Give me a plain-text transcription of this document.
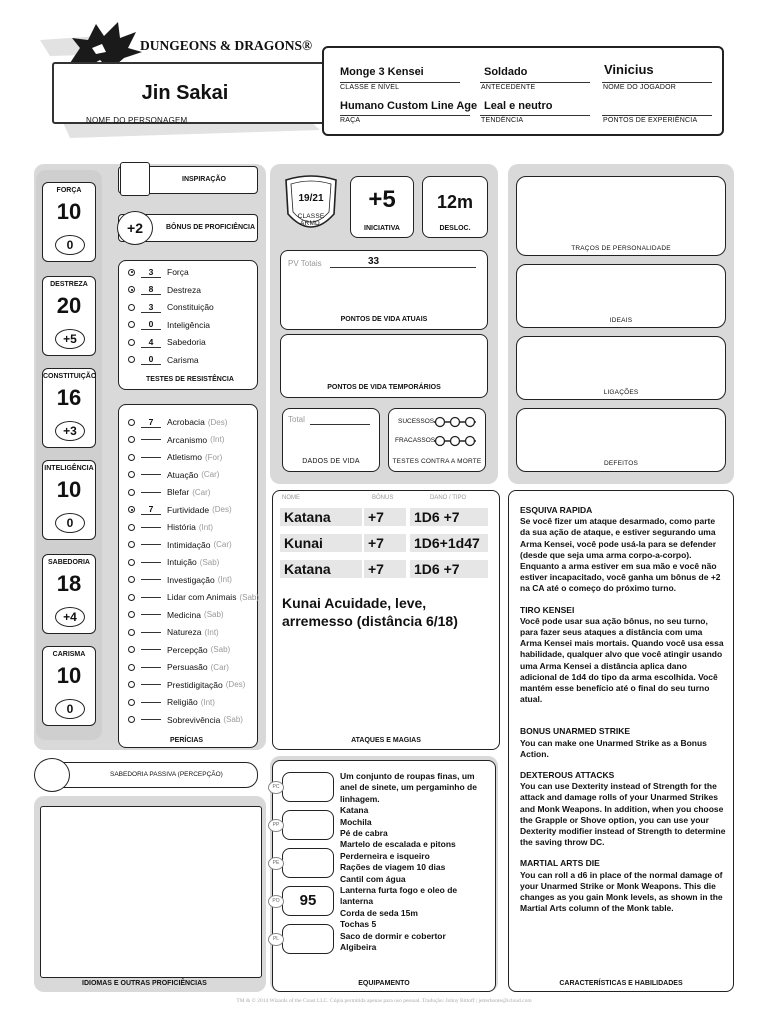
DUNGEONS & DRAGONS®
Jin Sakai
NOME DO PERSONAGEM
Monge 3 Kensei
CLASSE E NÍVEL
Soldado
ANTECEDENTE
Vinicius
NOME DO JOGADOR
Humano Custom Line Age
RAÇA
Leal e neutro
TENDÊNCIA	PONTOS DE EXPERIÊNCIA
FORÇA
10
0
DESTREZA
20
+5
CONSTITUIÇÃO
16
+3
INTELIGÊNCIA
10
0
SABEDORIA
18
+4
CARISMA
10
0
INSPIRAÇÃO
+2	BÔNUS DE PROFICIÊNCIA
3	Força
8	Destreza
3	Constituição
0	Inteligência
4	Sabedoria
0	Carisma
TESTES DE RESISTÊNCIA
7	Acrobacia (Des)
Arcanismo (Int)
Atletismo (For)
Atuação (Car)
Blefar (Car)
7	Furtividade (Des)
História (Int)
Intimidação (Car)
Intuição (Sab)
Investigação (Int)
Lidar com Animais (Sab)
Medicina (Sab)
Natureza (Int)
Percepção (Sab)
Persuasão (Car)
Prestidigitação (Des)
Religião (Int)
Sobrevivência (Sab)
PERÍCIAS
SABEDORIA PASSIVA (PERCEPÇÃO)
IDIOMAS E OUTRAS PROFICIÊNCIAS
19/21
CLASSE
ARMD.
+5
INICIATIVA
12m
DESLOC.
PV Totais	33
PONTOS DE VIDA ATUAIS
PONTOS DE VIDA TEMPORÁRIOS
Total
DADOS DE VIDA
SUCESSOS
FRACASSOS
TESTES CONTRA A MORTE
NOME	BÔNUS	DANO / TIPO
Katana	+7	1D6 +7
Kunai	+7	1D6+1d47
Katana	+7	1D6 +7
Kunai Acuidade, leve, arremesso (distância 6/18)
ATAQUES E MAGIAS
PC
PP
PE
95
PO
PL
Um conjunto de roupas finas, um anel de sinete, um pergaminho de linhagem.
Katana
Mochila
Pé de cabra
Martelo de escalada e pitons
Perderneira e isqueiro
Rações de viagem 10 dias
Cantil com água
Lanterna furta fogo e oleo de lanterna
Corda de seda 15m
Tochas 5
Saco de dormir e cobertor
Algibeira
EQUIPAMENTO
TRAÇOS DE PERSONALIDADE
IDEAIS
LIGAÇÕES
DEFEITOS

ESQUIVA RAPIDA

Se você fizer um ataque desarmado, como parte da sua ação de ataque, e estiver segurando uma Arma Kensei, você pode usá-la para se defender (desde que seja uma arma corpo-a-corpo). Enquanto a arma estiver em sua mão e você não estiver incapacitado, você ganha um bônus de +2 na CA até o começo do próximo turno.

TIRO KENSEI

Você pode usar sua ação bônus, no seu turno, para fazer seus ataques a distância com uma Arma Kensei mais mortais. Quando você usa essa habilidade, qualquer alvo que você atingir usando uma Arma Kensei a distância aplica dano adicional de 1d4 do tipo da arma escolhida. Você mantém esse benefício até o final do seu turno atual.

BONUS UNARMED STRIKE

You can make one Unarmed Strike as a Bonus Action.

DEXTEROUS ATTACKS

You can use Dexterity instead of Strength for the attack and damage rolls of your Unarmed Strikes and Monk Weapons. In addition, when you choose the Grapple or Shove option, you can use your Dexterity modifier instead of Strength to determine the saving throw DC.

MARTIAL ARTS DIE

You can roll a d6 in place of the normal damage of your Unarmed Strike or Monk Weapons. This die changes as you gain Monk levels, as shown in the Martial Arts column of the Monk table.

CARACTERÍSTICAS E HABILIDADES
TM & © 2014 Wizards of the Coast LLC. Cópia permitida apenas para uso pessoal. Tradução: Johny Bittoff | jetterbonte@icloud.com
